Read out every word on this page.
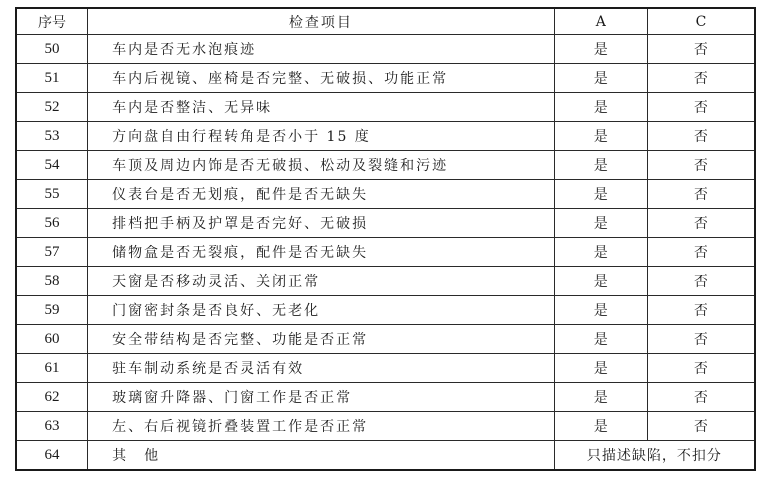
序号	检查项目	A	C
50	车内是否无水泡痕迹	是	否
51	车内后视镜、座椅是否完整、无破损、功能正常	是	否
52	车内是否整洁、无异味	是	否
53	方向盘自由行程转角是否小于 15 度	是	否
54	车顶及周边内饰是否无破损、松动及裂缝和污迹	是	否
55	仪表台是否无划痕，配件是否无缺失	是	否
56	排档把手柄及护罩是否完好、无破损	是	否
57	储物盒是否无裂痕，配件是否无缺失	是	否
58	天窗是否移动灵活、关闭正常	是	否
59	门窗密封条是否良好、无老化	是	否
60	安全带结构是否完整、功能是否正常	是	否
61	驻车制动系统是否灵活有效	是	否
62	玻璃窗升降器、门窗工作是否正常	是	否
63	左、右后视镜折叠装置工作是否正常	是	否
64	其　他	只描述缺陷，不扣分	
